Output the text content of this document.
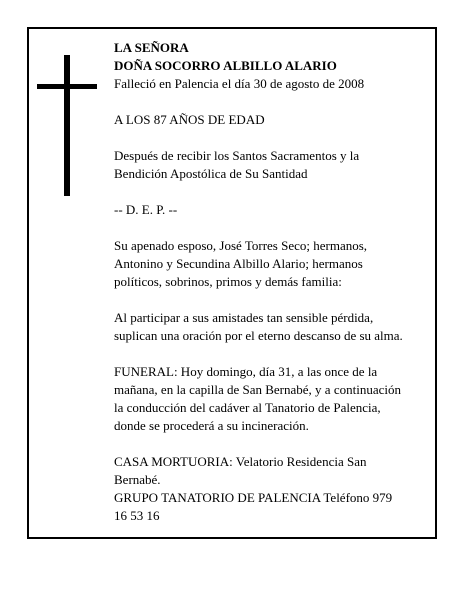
LA SEÑORA

DOÑA SOCORRO ALBILLO ALARIO

Falleció en Palencia el día 30 de agosto de 2008

A LOS 87 AÑOS DE EDAD

Después de recibir los Santos Sacramentos y la

Bendición Apostólica de Su Santidad

-- D. E. P. --

Su apenado esposo, José Torres Seco; hermanos,

Antonino y Secundina Albillo Alario; hermanos

políticos, sobrinos, primos y demás familia:

Al participar a sus amistades tan sensible pérdida,

suplican una oración por el eterno descanso de su alma.

FUNERAL: Hoy domingo, día 31, a las once de la

mañana, en la capilla de San Bernabé, y a continuación

la conducción del cadáver al Tanatorio de Palencia,

donde se procederá a su incineración.

CASA MORTUORIA: Velatorio Residencia San

Bernabé.

GRUPO TANATORIO DE PALENCIA Teléfono 979

16 53 16
